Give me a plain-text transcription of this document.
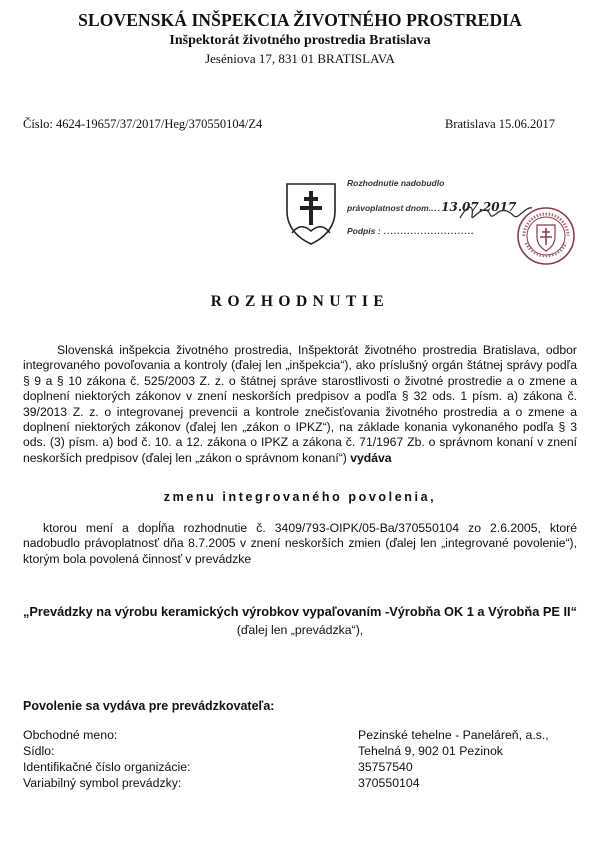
SLOVENSKÁ INŠPEKCIA ŽIVOTNÉHO PROSTREDIA
Inšpektorát životného prostredia Bratislava
Jeséniova 17, 831 01 BRATISLAVA
Číslo: 4624-19657/37/2017/Heg/370550104/Z4	Bratislava 15.06.2017
Rozhodnutie nadobudlo
právoplatnost dnom....13.07.2017
Podpis : ...........................
ROZHODNUTIE
Slovenská inšpekcia životného prostredia, Inšpektorát životného prostredia Bratislava, odbor integrovaného povoľovania a kontroly (ďalej len „inšpekcia“), ako príslušný orgán štátnej správy podľa § 9 a § 10 zákona č. 525/2003 Z. z. o štátnej správe starostlivosti o životné prostredie a o zmene a doplnení niektorých zákonov v znení neskorších predpisov a podľa § 32 ods. 1 písm. a) zákona č. 39/2013 Z. z. o integrovanej prevencii a kontrole znečisťovania životného prostredia a o zmene a doplnení niektorých zákonov (ďalej len „zákon o IPKZ“), na základe konania vykonaného podľa § 3 ods. (3) písm. a) bod č. 10. a 12. zákona o IPKZ a zákona č. 71/1967 Zb. o správnom konaní v znení neskorších predpisov (ďalej len „zákon o správnom konaní“) vydáva
zmenu integrovaného povolenia,
ktorou mení a dopĺňa rozhodnutie č. 3409/793-OIPK/05-Ba/370550104 zo 2.6.2005, ktoré nadobudlo právoplatnosť dňa 8.7.2005 v znení neskorších zmien (ďalej len „integrované povolenie“), ktorým bola povolená činnosť v prevádzke
„Prevádzky na výrobu keramických výrobkov vypaľovaním -Výrobňa OK 1 a Výrobňa PE II“
(ďalej len „prevádzka“),
Povolenie sa vydáva pre prevádzkovateľa:
Obchodné meno:	Pezinské tehelne - Paneláreň, a.s.,
Sídlo:	Tehelná 9, 902 01 Pezinok
Identifikačné číslo organizácie:	35757540
Variabilný symbol prevádzky:	370550104
